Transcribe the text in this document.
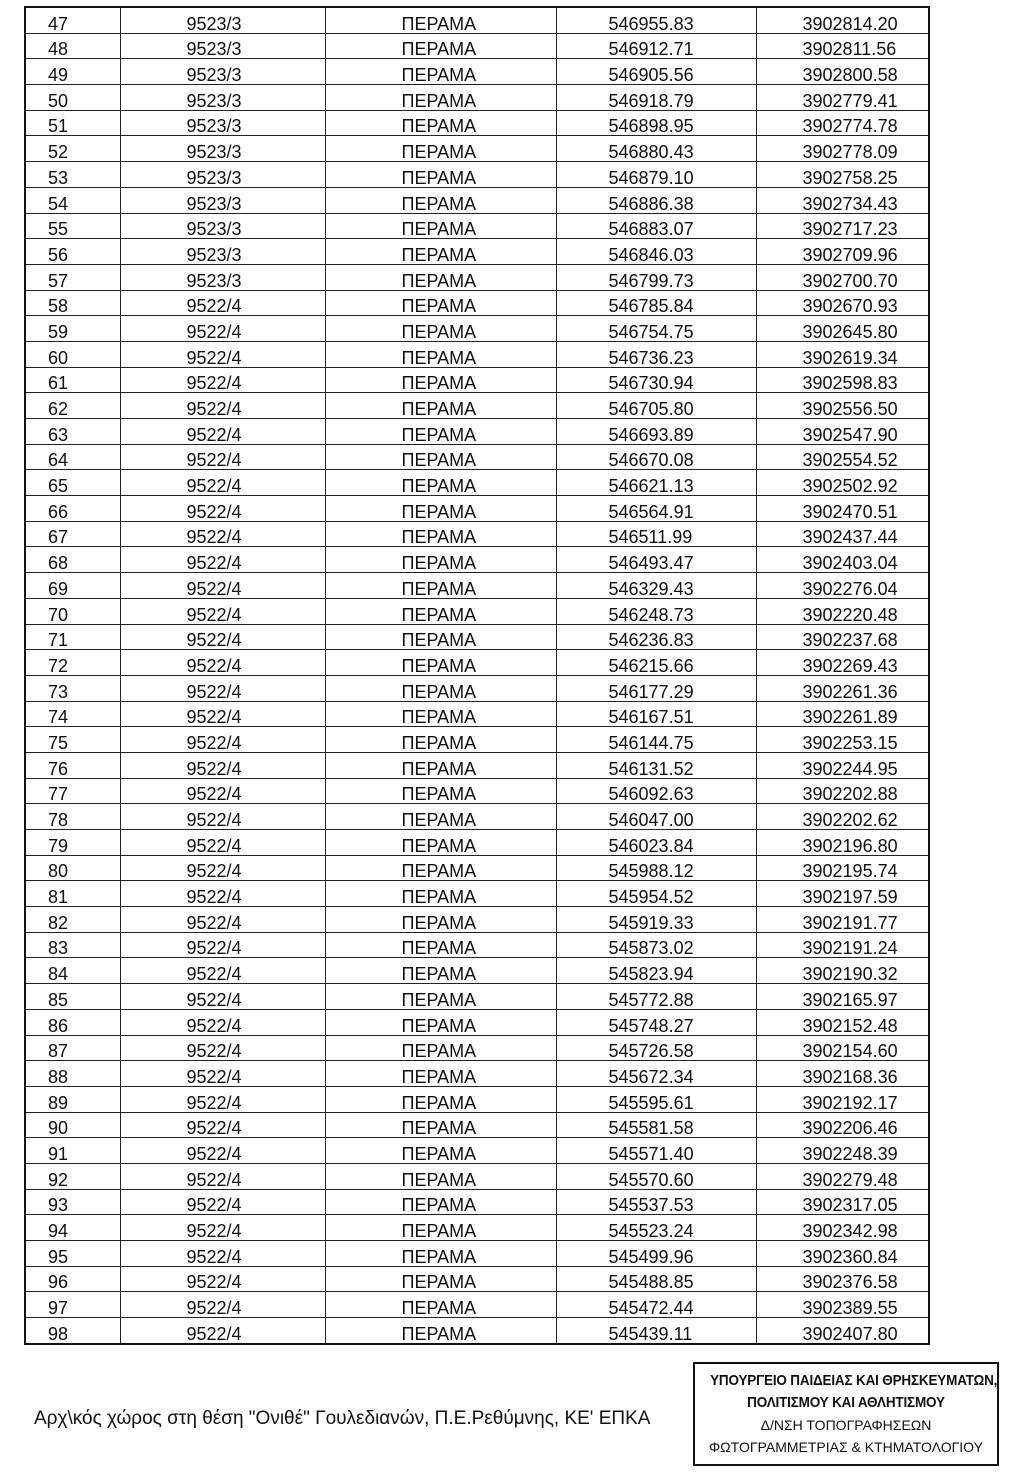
47	9523/3	ΠΕΡΑΜΑ	546955.83	3902814.20
48	9523/3	ΠΕΡΑΜΑ	546912.71	3902811.56
49	9523/3	ΠΕΡΑΜΑ	546905.56	3902800.58
50	9523/3	ΠΕΡΑΜΑ	546918.79	3902779.41
51	9523/3	ΠΕΡΑΜΑ	546898.95	3902774.78
52	9523/3	ΠΕΡΑΜΑ	546880.43	3902778.09
53	9523/3	ΠΕΡΑΜΑ	546879.10	3902758.25
54	9523/3	ΠΕΡΑΜΑ	546886.38	3902734.43
55	9523/3	ΠΕΡΑΜΑ	546883.07	3902717.23
56	9523/3	ΠΕΡΑΜΑ	546846.03	3902709.96
57	9523/3	ΠΕΡΑΜΑ	546799.73	3902700.70
58	9522/4	ΠΕΡΑΜΑ	546785.84	3902670.93
59	9522/4	ΠΕΡΑΜΑ	546754.75	3902645.80
60	9522/4	ΠΕΡΑΜΑ	546736.23	3902619.34
61	9522/4	ΠΕΡΑΜΑ	546730.94	3902598.83
62	9522/4	ΠΕΡΑΜΑ	546705.80	3902556.50
63	9522/4	ΠΕΡΑΜΑ	546693.89	3902547.90
64	9522/4	ΠΕΡΑΜΑ	546670.08	3902554.52
65	9522/4	ΠΕΡΑΜΑ	546621.13	3902502.92
66	9522/4	ΠΕΡΑΜΑ	546564.91	3902470.51
67	9522/4	ΠΕΡΑΜΑ	546511.99	3902437.44
68	9522/4	ΠΕΡΑΜΑ	546493.47	3902403.04
69	9522/4	ΠΕΡΑΜΑ	546329.43	3902276.04
70	9522/4	ΠΕΡΑΜΑ	546248.73	3902220.48
71	9522/4	ΠΕΡΑΜΑ	546236.83	3902237.68
72	9522/4	ΠΕΡΑΜΑ	546215.66	3902269.43
73	9522/4	ΠΕΡΑΜΑ	546177.29	3902261.36
74	9522/4	ΠΕΡΑΜΑ	546167.51	3902261.89
75	9522/4	ΠΕΡΑΜΑ	546144.75	3902253.15
76	9522/4	ΠΕΡΑΜΑ	546131.52	3902244.95
77	9522/4	ΠΕΡΑΜΑ	546092.63	3902202.88
78	9522/4	ΠΕΡΑΜΑ	546047.00	3902202.62
79	9522/4	ΠΕΡΑΜΑ	546023.84	3902196.80
80	9522/4	ΠΕΡΑΜΑ	545988.12	3902195.74
81	9522/4	ΠΕΡΑΜΑ	545954.52	3902197.59
82	9522/4	ΠΕΡΑΜΑ	545919.33	3902191.77
83	9522/4	ΠΕΡΑΜΑ	545873.02	3902191.24
84	9522/4	ΠΕΡΑΜΑ	545823.94	3902190.32
85	9522/4	ΠΕΡΑΜΑ	545772.88	3902165.97
86	9522/4	ΠΕΡΑΜΑ	545748.27	3902152.48
87	9522/4	ΠΕΡΑΜΑ	545726.58	3902154.60
88	9522/4	ΠΕΡΑΜΑ	545672.34	3902168.36
89	9522/4	ΠΕΡΑΜΑ	545595.61	3902192.17
90	9522/4	ΠΕΡΑΜΑ	545581.58	3902206.46
91	9522/4	ΠΕΡΑΜΑ	545571.40	3902248.39
92	9522/4	ΠΕΡΑΜΑ	545570.60	3902279.48
93	9522/4	ΠΕΡΑΜΑ	545537.53	3902317.05
94	9522/4	ΠΕΡΑΜΑ	545523.24	3902342.98
95	9522/4	ΠΕΡΑΜΑ	545499.96	3902360.84
96	9522/4	ΠΕΡΑΜΑ	545488.85	3902376.58
97	9522/4	ΠΕΡΑΜΑ	545472.44	3902389.55
98	9522/4	ΠΕΡΑΜΑ	545439.11	3902407.80
Αρχ\κός χώρος στη θέση "Ονιθέ" Γουλεδιανών, Π.Ε.Ρεθύμνης, ΚΕ' ΕΠΚΑ
ΥΠΟΥΡΓΕΙΟ ΠΑΙΔΕΙΑΣ ΚΑΙ ΘΡΗΣΚΕΥΜΑΤΩΝ,
ΠΟΛΙΤΙΣΜΟΥ ΚΑΙ ΑΘΛΗΤΙΣΜΟΥ
Δ/ΝΣΗ ΤΟΠΟΓΡΑΦΗΣΕΩΝ
ΦΩΤΟΓΡΑΜΜΕΤΡΙΑΣ & ΚΤΗΜΑΤΟΛΟΓΙΟΥ
